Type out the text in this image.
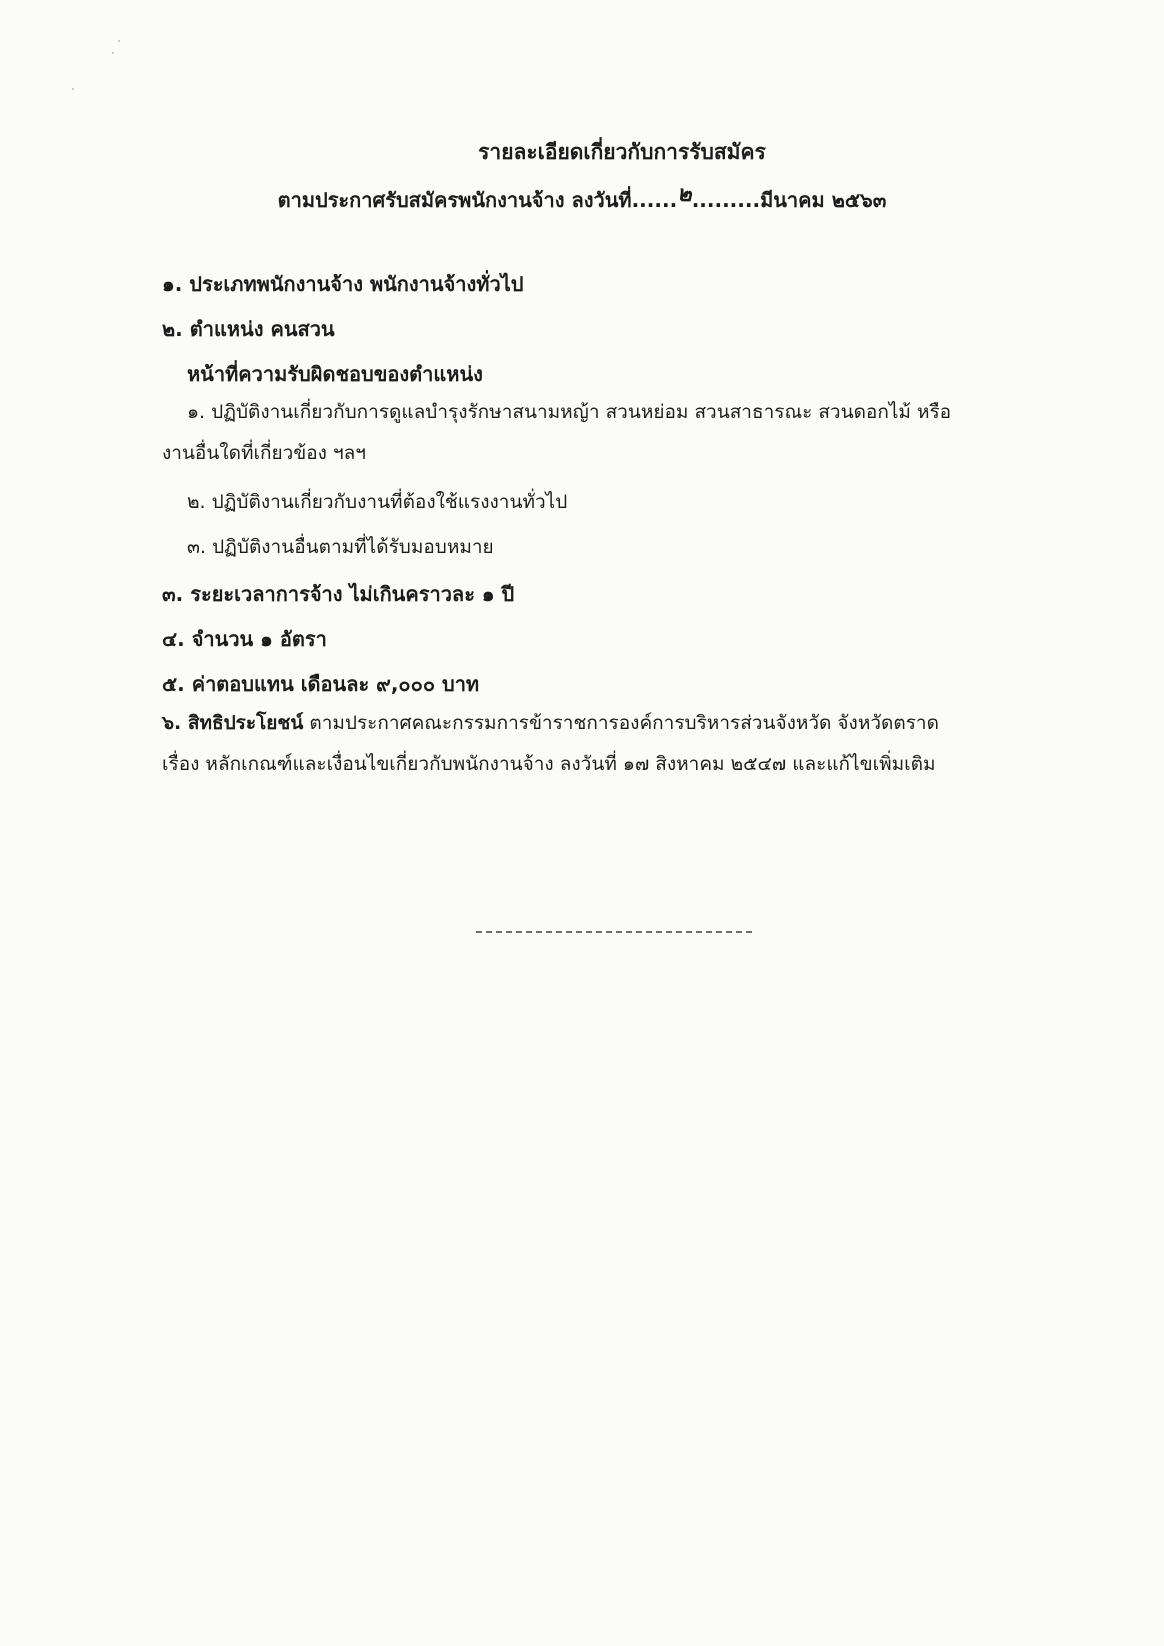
รายละเอียดเกี่ยวกับการรับสมัคร
ตามประกาศรับสมัครพนักงานจ้าง ลงวันที่......๒.........มีนาคม ๒๕๖๓
๑. ประเภทพนักงานจ้าง พนักงานจ้างทั่วไป
๒. ตำแหน่ง คนสวน
หน้าที่ความรับผิดชอบของตำแหน่ง
๑. ปฏิบัติงานเกี่ยวกับการดูแลบำรุงรักษาสนามหญ้า สวนหย่อม สวนสาธารณะ สวนดอกไม้ หรือ
งานอื่นใดที่เกี่ยวข้อง ฯลฯ
๒. ปฏิบัติงานเกี่ยวกับงานที่ต้องใช้แรงงานทั่วไป
๓. ปฏิบัติงานอื่นตามที่ได้รับมอบหมาย
๓. ระยะเวลาการจ้าง ไม่เกินคราวละ ๑ ปี
๔. จำนวน ๑ อัตรา
๕. ค่าตอบแทน เดือนละ ๙,๐๐๐ บาท
๖. สิทธิประโยชน์ ตามประกาศคณะกรรมการข้าราชการองค์การบริหารส่วนจังหวัด จังหวัดตราด
เรื่อง หลักเกณฑ์และเงื่อนไขเกี่ยวกับพนักงานจ้าง ลงวันที่ ๑๗ สิงหาคม ๒๕๔๗ และแก้ไขเพิ่มเติม
